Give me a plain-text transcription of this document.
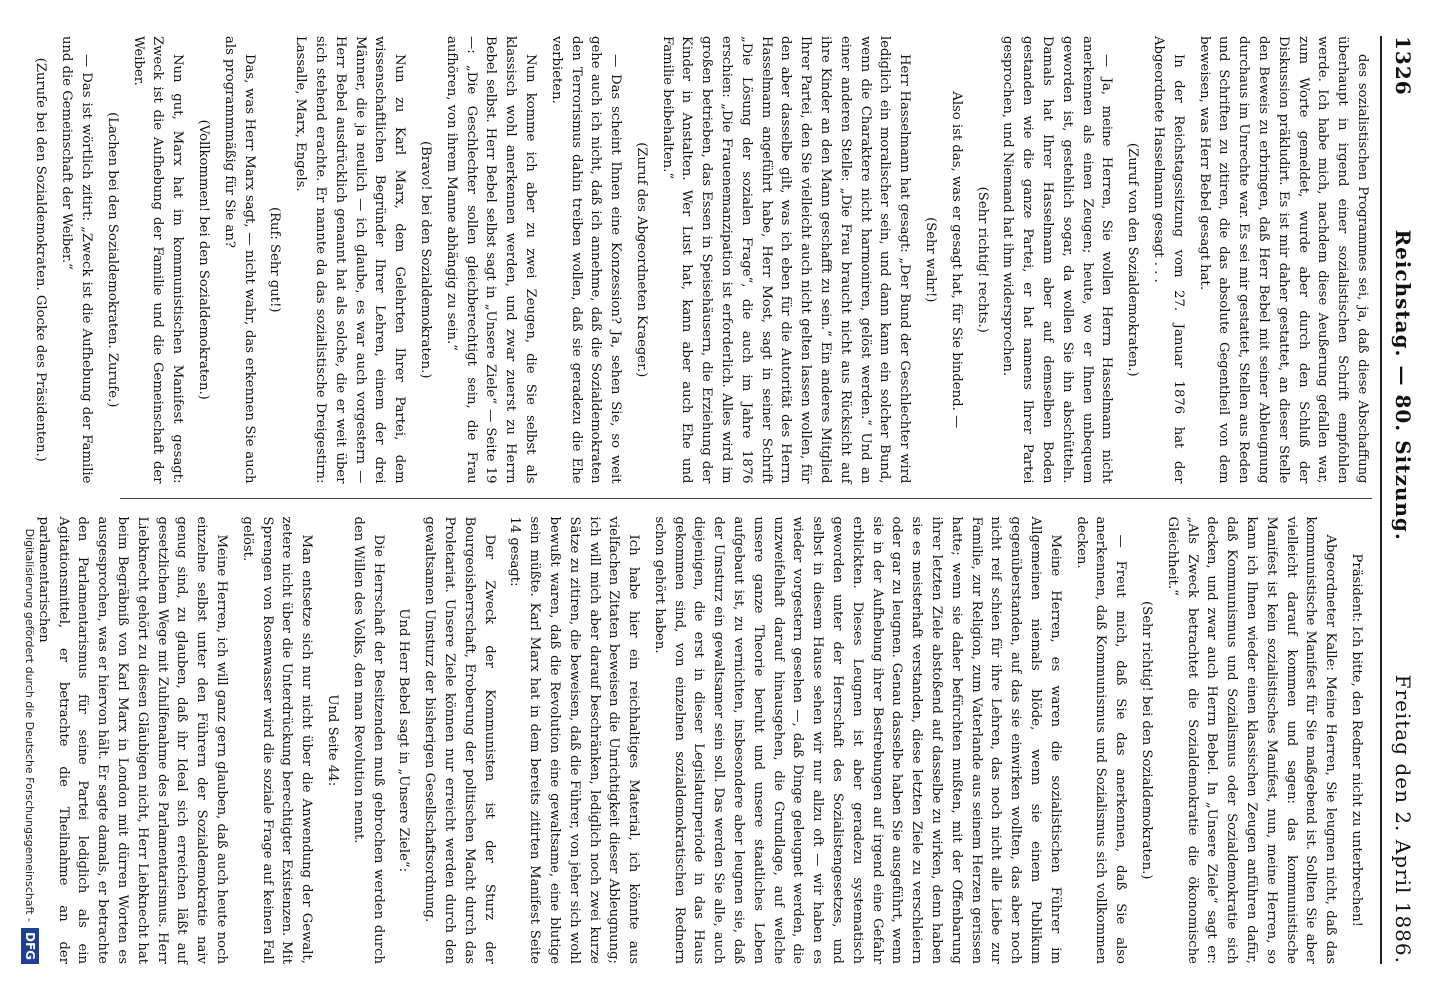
1326
Reichstag. — 80. Sitzung.
Freitag den 2. April 1886.

des sozialistischen Programmes sei, ja, daß diese Abschaffung überhaupt in irgend einer sozialistischen Schrift empfohlen werde. Ich habe mich, nachdem diese Aeußerung gefallen war, zum Worte gemeldet, wurde aber durch den Schluß der Diskussion präkludirt. Es ist mir daher gestattet, an dieser Stelle den Beweis zu erbringen, daß Herr Bebel mit seiner Ableugnung durchaus im Unrechte war. Es sei mir gestattet, Stellen aus Reden und Schriften zu zitiren, die das absolute Gegentheil von dem beweisen, was Herr Bebel gesagt hat.

In der Reichstagssitzung vom 27. Januar 1876 hat der Abgeordnete Hasselmann gesagt . . .

(Zuruf von den Sozialdemokraten.)

— Ja, meine Herren, Sie wollen Herrn Hasselmann nicht anerkennen als einen Zeugen; heute, wo er Ihnen unbequem geworden ist, gestehlich sogar, da wollen Sie ihn abschütteln. Damals hat Ihrer Hasselmann aber auf demselben Boden gestanden wie die ganze Partei, er hat namens Ihrer Partei gesprochen, und Niemand hat ihm widersprochen.

(Sehr richtig! rechts.)

Also ist das, was er gesagt hat, für Sie bindend. —

(Sehr wahr!)

Herr Hasselmann hat gesagt: „Der Bund der Geschlechter wird lediglich ein moralischer sein, und dann kann ein solcher Bund, wenn die Charaktere nicht harmoniren, gelöst werden.“ Und an einer anderen Stelle: „Die Frau braucht nicht aus Rücksicht auf ihre Kinder an den Mann geschafft zu sein.“ Ein anderes Mitglied Ihrer Partei, den Sie vielleicht auch nicht gelten lassen wollen, für den aber dasselbe gilt, was ich eben für die Autorität des Herrn Hasselmann angeführt habe, Herr Most, sagt in seiner Schrift „Die Lösung der sozialen Frage“, die auch im Jahre 1876 erschien: „Die Frauenemanzipation ist erforderlich. Alles wird im großen betrieben, das Essen in Speisehäusern, die Erziehung der Kinder in Anstalten. Wer Lust hat, kann aber auch Ehe und Familie beibehalten.“

(Zuruf des Abgeordneten Kraeger.)

— Das scheint Ihnen eine Konzession? Ja, sehen Sie, so weit gehe auch ich nicht, daß ich annehme, daß die Sozialdemokraten den Terrorismus dahin treiben wollen, daß sie geradezu die Ehe verbieten.

Nun komme ich aber zu zwei Zeugen, die Sie selbst als klassisch wohl anerkennen werden, und zwar zuerst zu Herrn Bebel selbst. Herr Bebel selbst sagt in „Unsere Ziele“ — Seite 19 —: „Die Geschlechter sollen gleichberechtigt sein, die Frau aufhören, von ihrem Manne abhängig zu sein.“

(Bravo! bei den Sozialdemokraten.)

Nun zu Karl Marx, dem Gelehrten Ihrer Partei, dem wissenschaftlichen Begründer Ihrer Lehren, einem der drei Männer, die ja neulich — ich glaube, es war auch vorgestern — Herr Bebel ausdrücklich genannt hat als solche, die er weit über sich stehend erachte. Er nannte da das sozialistische Dreigestirn: Lassalle, Marx, Engels.

(Ruf: Sehr gut!)

Das, was Herr Marx sagt, — nicht wahr, das erkennen Sie auch als programmmäßig für Sie an?

(Vollkommen! bei den Sozialdemokraten.)

Nun gut, Marx hat im kommunistischen Manifest gesagt: Zweck ist die Aufhebung der Familie und die Gemeinschaft der Weiber.

(Lachen bei den Sozialdemokraten. Zurufe.)

— Das ist wörtlich zitirt: „Zweck ist die Aufhebung der Familie und die Gemeinschaft der Weiber.“

(Zurufe bei den Sozialdemokraten. Glocke des Präsidenten.)

Präsident: Ich bitte, den Redner nicht zu unterbrechen!

Abgeordneter Kalle: Meine Herren, Sie leugnen nicht, daß das kommunistische Manifest für Sie maßgebend ist. Sollten Sie aber vielleicht darauf kommen und sagen: das kommunistische Manifest ist kein sozialistisches Manifest, nun, meine Herren, so kann ich Ihnen wieder einen klassischen Zeugen anführen dafür, daß Kommunismus und Sozialismus oder Sozialdemokratie sich decken, und zwar auch Herrn Bebel. In „Unsere Ziele“ sagt er: „Als Zweck betrachtet die Sozialdemokratie die ökonomische Gleichheit.“

(Sehr richtig! bei den Sozialdemokraten.)

— Freut mich, daß Sie das anerkennen, daß Sie also anerkennen, daß Kommunismus und Sozialismus sich vollkommen decken.

Meine Herren, es waren die sozialistischen Führer im Allgemeinen niemals blöde, wenn sie einem Publikum gegenüberstanden, auf das sie einwirken wollten, das aber noch nicht reif schien für ihre Lehren, das noch nicht alle Liebe zur Familie, zur Religion, zum Vaterlande aus seinem Herzen gerissen hatte; wenn sie daher befürchten mußten, mit der Offenbarung ihrer letzten Ziele abstoßend auf dasselbe zu wirken, denn haben sie es meisterhaft verstanden, diese letzten Ziele zu verschleiern oder gar zu leugnen. Genau dasselbe haben Sie ausgeführt, wenn sie in der Aufhebung ihrer Bestrebungen auf irgend eine Gefahr erblickten. Dieses Leugnen ist aber geradezu systematisch geworden unter der Herrschaft des Sozialistengesetzes, und selbst in diesem Hause sehen wir nur allzu oft — wir haben es wieder vorgestern gesehen —, daß Dinge geleugnet werden, die unzweifelhaft darauf hinausgehen, die Grundlage, auf welche unsere ganze Theorie beruht und unsere staatliches Leben aufgebaut ist, zu vernichten, insbesondere aber leugnen sie, daß der Umsturz ein gewaltsamer sein soll. Das werden Sie alle, auch diejenigen, die erst in dieser Legislaturperiode in das Haus gekommen sind, von einzelnen sozialdemokratischen Rednern schon gehört haben.

Ich habe hier ein reichhaltiges Material, ich könnte aus vielfachen Zitaten beweisen die Unrichtigkeit dieser Ableugnung; ich will mich aber darauf beschränken, lediglich noch zwei kurze Sätze zu zitiren, die beweisen, daß die Führer, von jeher sich wohl bewußt waren, daß die Revolution eine gewaltsame, eine blutige sein müßte. Karl Marx hat in dem bereits zitirten Manifest Seite 14 gesagt:

Der Zweck der Kommunisten ist der Sturz der Bourgeoisherrschaft, Eroberung der politischen Macht durch das Proletariat. Unsere Ziele können nur erreicht werden durch den gewaltsamen Umsturz der bisherigen Gesellschaftsordnung.

Und Herr Bebel sagt in „Unsere Ziele“:

Die Herrschaft der Besitzenden muß gebrochen werden durch den Willen des Volks, den man Revolution nennt.

Und Seite 44:

Man entsetze sich nur nicht über die Anwendung der Gewalt, zetere nicht über die Unterdrückung berechtigter Existenzen. Mit Sprengen von Rosenwasser wird die soziale Frage auf keinen Fall gelöst.

Meine Herren, ich will ganz gern glauben, daß auch heute noch einzelne selbst unter den Führern der Sozialdemokratie naiv genug sind, zu glauben, daß ihr Ideal sich erreichen läßt auf gesetzlichem Wege mit Zuhilfenahme des Parlamentarismus. Herr Liebknecht gehört zu diesen Gläubigen nicht, Herr Liebknecht hat beim Begräbniß von Karl Marx in London mit dürren Worten es ausgesprochen, was er hiervon hält. Er sagte damals, er betrachte den Parlamentarismus für seine Partei lediglich als ein Agitationsmittel, er betrachte die Theilnahme an der parlamentarischen

Digitalisierung gefördert durch die Deutsche Forschungsgemeinschaft -
DFG
